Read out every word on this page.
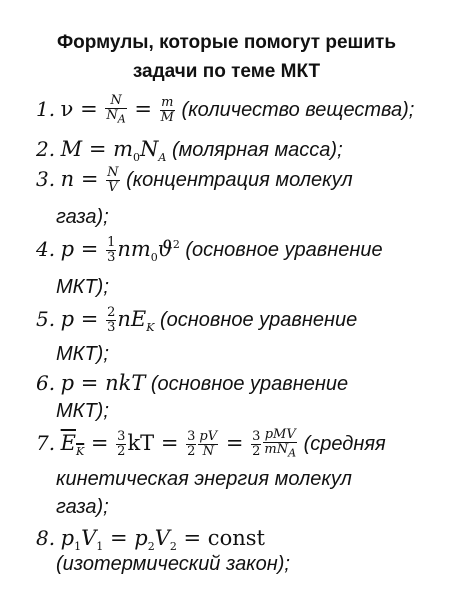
Формулы, которые помогут решить
задачи по теме МКТ
1. $\nu = \frac{N}{N_A} = \frac{m}{M}$ (количество вещества);
2. $M = m_0N_A$ (молярная масса);
3. $n = \frac{N}{V}$ (концентрация молекул
газа);
4. $p = \frac{1}{3} nm_0ϑ^2$ (основное уравнение
МКТ);
5. $p = \frac{2}{3} nE_K$ (основное уравнение
МКТ);
6. p = nkT (основное уравнение
МКТ);
7. $E_K = \frac{3}{2}$ kT = $\frac{3}{2} \frac{pV}{N} = \frac{3}{2} \frac{\text{pMV}}{mN_A}$ (средняя
кинетическая энергия молекул
газа);
8. $p_1V_1 = p_2V_2$ = const
(изотермический закон);
